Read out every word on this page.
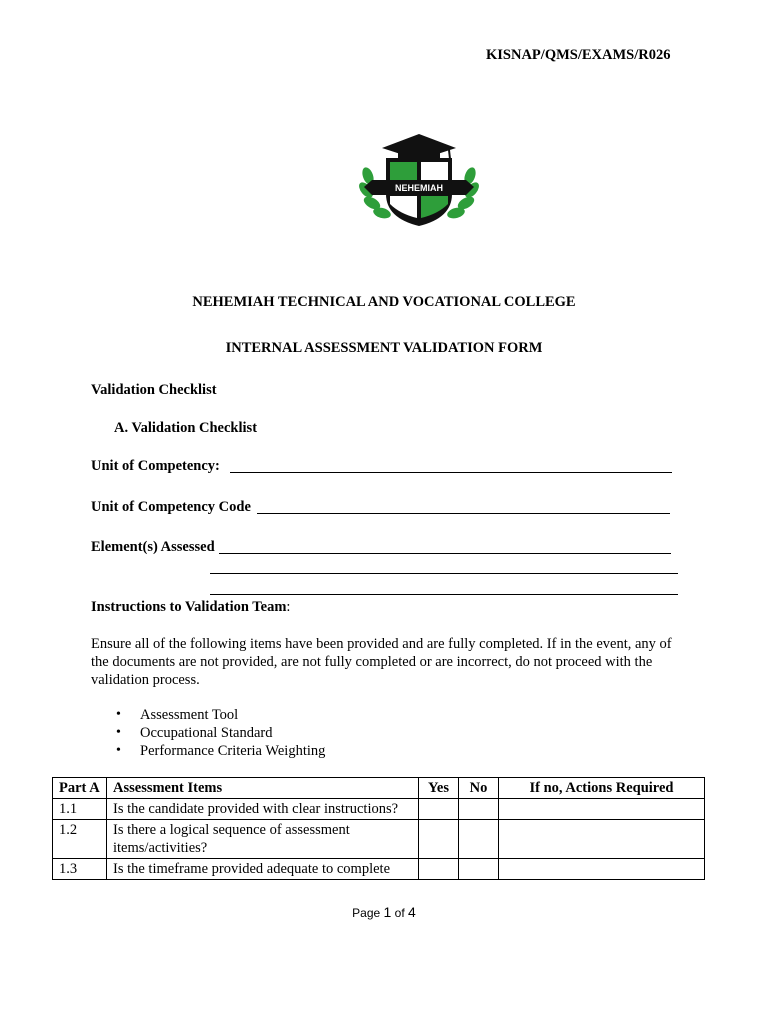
KISNAP/QMS/EXAMS/R026
NEHEMIAH
NEHEMIAH TECHNICAL AND VOCATIONAL COLLEGE
INTERNAL ASSESSMENT VALIDATION FORM
Validation Checklist
A. Validation Checklist
Unit of Competency:
Unit of Competency Code
Element(s) Assessed
Instructions to Validation Team:
Ensure all of the following items have been provided and are fully completed. If in the event, any of the documents are not provided, are not fully completed or are incorrect, do not proceed with the validation process.
• Assessment Tool
• Occupational Standard
• Performance Criteria Weighting
Part A	Assessment Items	Yes	No	If no, Actions Required
1.1	Is the candidate provided with clear instructions?			
1.2	Is there a logical sequence of assessment items/activities?			
1.3	Is the timeframe provided adequate to complete			
Page 1 of 4
